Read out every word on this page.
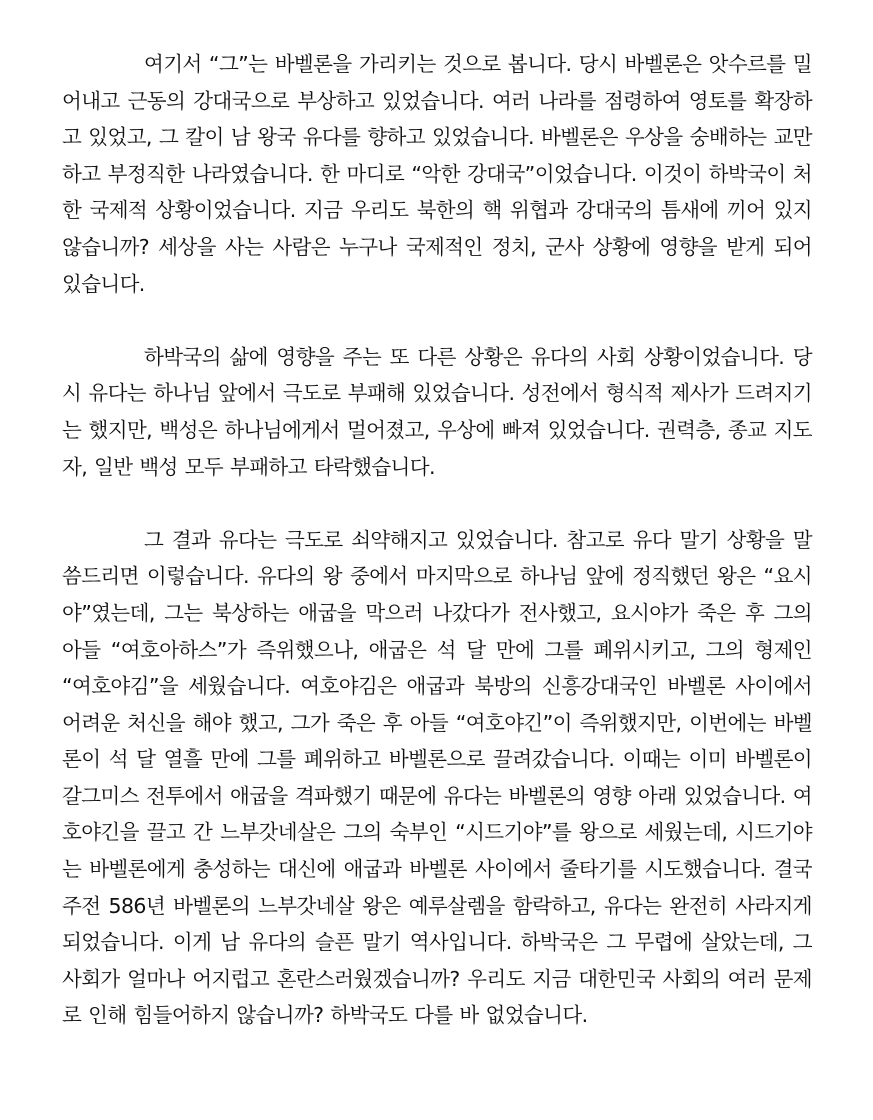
여기서 “그”는 바벨론을 가리키는 것으로 봅니다. 당시 바벨론은 앗수르를 밀어내고 근동의 강대국으로 부상하고 있었습니다. 여러 나라를 점령하여 영토를 확장하고 있었고, 그 칼이 남 왕국 유다를 향하고 있었습니다. 바벨론은 우상을 숭배하는 교만하고 부정직한 나라였습니다. 한 마디로 “악한 강대국”이었습니다. 이것이 하박국이 처한 국제적 상황이었습니다. 지금 우리도 북한의 핵 위협과 강대국의 틈새에 끼어 있지 않습니까? 세상을 사는 사람은 누구나 국제적인 정치, 군사 상황에 영향을 받게 되어 있습니다.

하박국의 삶에 영향을 주는 또 다른 상황은 유다의 사회 상황이었습니다. 당시 유다는 하나님 앞에서 극도로 부패해 있었습니다. 성전에서 형식적 제사가 드려지기는 했지만, 백성은 하나님에게서 멀어졌고, 우상에 빠져 있었습니다. 권력층, 종교 지도자, 일반 백성 모두 부패하고 타락했습니다.

그 결과 유다는 극도로 쇠약해지고 있었습니다. 참고로 유다 말기 상황을 말씀드리면 이렇습니다. 유다의 왕 중에서 마지막으로 하나님 앞에 정직했던 왕은 “요시야”였는데, 그는 북상하는 애굽을 막으러 나갔다가 전사했고, 요시야가 죽은 후 그의 아들 “여호아하스”가 즉위했으나, 애굽은 석 달 만에 그를 폐위시키고, 그의 형제인 “여호야김”을 세웠습니다. 여호야김은 애굽과 북방의 신흥강대국인 바벨론 사이에서 어려운 처신을 해야 했고, 그가 죽은 후 아들 “여호야긴”이 즉위했지만, 이번에는 바벨론이 석 달 열흘 만에 그를 폐위하고 바벨론으로 끌려갔습니다. 이때는 이미 바벨론이 갈그미스 전투에서 애굽을 격파했기 때문에 유다는 바벨론의 영향 아래 있었습니다. 여호야긴을 끌고 간 느부갓네살은 그의 숙부인 “시드기야”를 왕으로 세웠는데, 시드기야는 바벨론에게 충성하는 대신에 애굽과 바벨론 사이에서 줄타기를 시도했습니다. 결국 주전 586년 바벨론의 느부갓네살 왕은 예루살렘을 함락하고, 유다는 완전히 사라지게 되었습니다. 이게 남 유다의 슬픈 말기 역사입니다. 하박국은 그 무렵에 살았는데, 그 사회가 얼마나 어지럽고 혼란스러웠겠습니까? 우리도 지금 대한민국 사회의 여러 문제로 인해 힘들어하지 않습니까? 하박국도 다를 바 없었습니다.
